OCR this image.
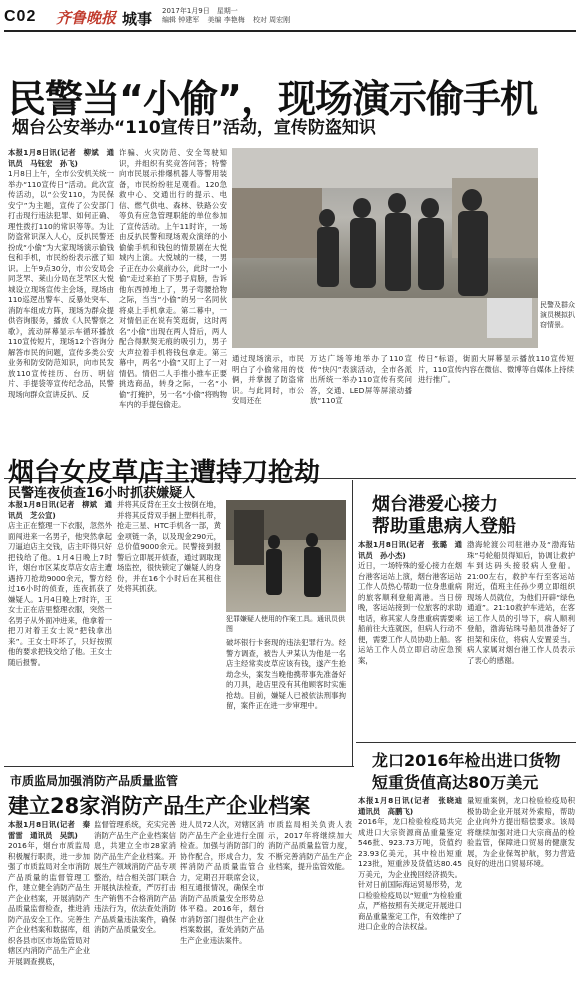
C02 齐鲁晚报 城事 2017年1月9日　星期一
编辑 钟建军 美编 李艳梅 校对 周宏刚
民警当“小偷”，现场演示偷手机
烟台公安举办“110宣传日”活动，宣传防盗知识
本报1月8日讯(记者　柳斌　通讯员　马钰宏　孙飞)
1月8日上午，全市公安机关统一举办“110宣传日”活动。此次宣传活动，以“公安110，为民保安宁”为主题，宣传了公安部门打击现行违法犯罪、如何正确、理性拨打110的常识等等。为让防盗常识深入人心，反扒民警还扮成“小偷”为大家现场演示偷钱包和手机，市民纷纷表示涨了知识。上午9点30分，市公安局会同芝罘、莱山分局在芝罘区大悦城设立现场宣传主会场，现场由110巡逻出警车、反暴处突车、消防车组成方阵，现场为群众提供咨询服务，播放《人民警察之歌》，流动屏幕显示车循环播放110宣传短片，现场12个咨询分解答市民的问题，宣传多类公安业务和防安防范知识，向市民发放110宣传挂历、台历、明信片、手提袋等宣传纪念品，民警现场向群众宣讲反扒、反
诈骗、火灾防范、安全驾驶知识，并组织有奖竞答问答；特警向市民展示排爆机器人等警用装备，市民纷纷驻足观看。120急救中心、交通出行的提示、电信、燃气供电、森林、铁路公安等负有应急管理职能的单位参加了宣传活动。上午11时许，一场由反扒民警和现场观众演绎的小偷偷手机和钱包的情景剧在大悦城内上演。大悦城的一楼，一男子正在办公桌前办公，此时一“小偷”走过来拍了下男子肩膀，告诉他东西掉地上了，男子弯腰拾物之际，当当“小偷”的另一名同伙将桌上手机拿走。第二幕中，一对情侣正在说有笑逛街，这时两名“小偷”出现在两人背后，两人配合得默契无痕的吸引力，男子大声拉着手机将钱包拿走。第三幕中，两名“小偷”又盯上了一对情侣。情侣二人手推小推车正要挑选商品，转身之际，一名“小偷”打掩护，另一名“小偷”将购物车内的手提包偷走。
民警及群众演员模拟扒窃情景。
通过现场演示，市民明白了小偷常用的伎俩，并掌握了防盗常识。与此同时，市公安局还在
万达广场等地举办了110宣传“快闪”表演活动，全市各派出所统一举办110宣传有奖问答，交通、LED屏等屏滚动播放“110宣
传日”标语，街面大屏幕显示播放110宣传短片，110宣传内容在微信、微博等自媒体上持续进行推广。
烟台女皮草店主遭持刀抢劫
民警连夜侦查16小时抓获嫌疑人
本报1月8日讯(记者　柳斌　通讯员　芝公宣)
店主正在整理一下衣服，忽然外面闯进来一名男子，他突然拿起刀逼迫店主交钱，店主吓得只好把钱给了他。1月4日晚上7时许，烟台市区某皮草店女店主遭遇持刀抢劫9000余元，警方经过16小时的侦查，连夜抓获了嫌疑人。1月4日晚上7时许，王女士正在店里整理衣服，突然一名男子从外面冲进来，他拿着一把刀对着王女士说“把钱拿出来”。王女士吓坏了，只好按照他的要求把钱交给了他。王女士随后报警。
并将其反背在王女士按倒在地，并将其反背双手捆上塑料扎带，抢走三星、HTC手机各一部，黄金项链一条，以及现金290元，总价值9000余元。民警接到报警后立即展开侦查，通过调取现场监控，很快锁定了嫌疑人的身份，并在16个小时后在其租住处将其抓获。
犯罪嫌疑人使用的作案工具。通讯员供图
破坏银行卡套现的违法犯罪行为。经警方调查，被告人尹某认为他是一名店主经常卖皮草应该有钱，遂产生抢劫念头，案发当晚他携带事先准备好的刀具，趁店里没有其他顾客时实施抢劫。目前，嫌疑人已被依法刑事拘留，案件正在进一步审理中。
烟台港爱心接力
帮助重患病人登船
本报1月8日讯(记者　张璐　通讯员　孙小杰)
近日，一场特殊的爱心接力在烟台港客运站上演，烟台港客运站工作人员热心帮助一位身患重病的旅客顺利登船离港。当日傍晚，客运站接到一位旅客的求助电话，称其家人身患重病需要乘船前往大连就医，但病人行动不便，需要工作人员协助上船。客运站工作人员立即启动应急预案，
渤海轮渡公司驻港办及“渤海钻珠”号轮船员得知后，协调让救护车到达码头接驳病人登船。21:00左右，救护车行至客运站附近，值班主任孙少勇立即组织现场人员就位，为他们开辟“绿色通道”。21:10救护车进站，在客运工作人员的引导下，病人顺利登船，渤海钻珠号船员准备好了担架和床位，将病人安置妥当。病人家属对烟台港工作人员表示了衷心的感谢。
龙口2016年检出进口货物
短重货值高达80万美元
本报1月8日讯(记者　张晓迪　通讯员　高鹏飞)
2016年，龙口检验检疫局共完成进口大宗资源商品重量鉴定546批、923.73万吨，货值约23.93亿美元，其中检出短重123批，短重涉及货值达80.45万美元，为企业挽回经济损失。针对日前国际海运贸易形势，龙口检验检疫局以“短重”为检验重点，严格按照有关规定开展进口商品重量鉴定工作，有效维护了进口企业的合法权益。
量短重案例，龙口检验检疫局积极协助企业开展对外索赔，帮助企业向外方提出赔偿要求。该局将继续加强对进口大宗商品的检验监管，保障进口贸易的健康发展，为企业保驾护航，努力营造良好的进出口贸易环境。
市质监局加强消防产品质量监管
建立28家消防产品生产企业档案
本报1月8日讯(记者　秦雷雷　通讯员　吴凯)
2016年，烟台市质监局积极履行职责，进一步加强了市质监局对全市消防产品质量的监督管理工作，建立健全消防产品生产企业档案，开展消防产品质量监督检查，推进消防产品安全工作。完善生产企业档案和数据库，组织各县市区市场监管局对辖区内消防产品生产企业开展调查摸底，
监督管理系统，充实完善消防产品生产企业档案信息，共建立全市28家消防产品生产企业档案。开展生产领域消防产品专项整治，结合相关部门联合开展执法检查，严厉打击生产销售不合格消防产品违法行为，依法查处消防产品质量违法案件，确保消防产品质量安全。
进人员72人次，对辖区消防产品生产企业进行全面检查。加强与消防部门的协作配合，形成合力，发挥消防产品质量监管合力，定期召开联席会议，相互通报情况，确保全市消防产品质量安全形势总体平稳。2016年，烟台市消防部门提供生产企业档案数据，查处消防产品生产企业违法案件。
市质监局相关负责人表示，2017年将继续加大消防产品质量监管力度，不断完善消防产品生产企业档案，提升监管效能。
